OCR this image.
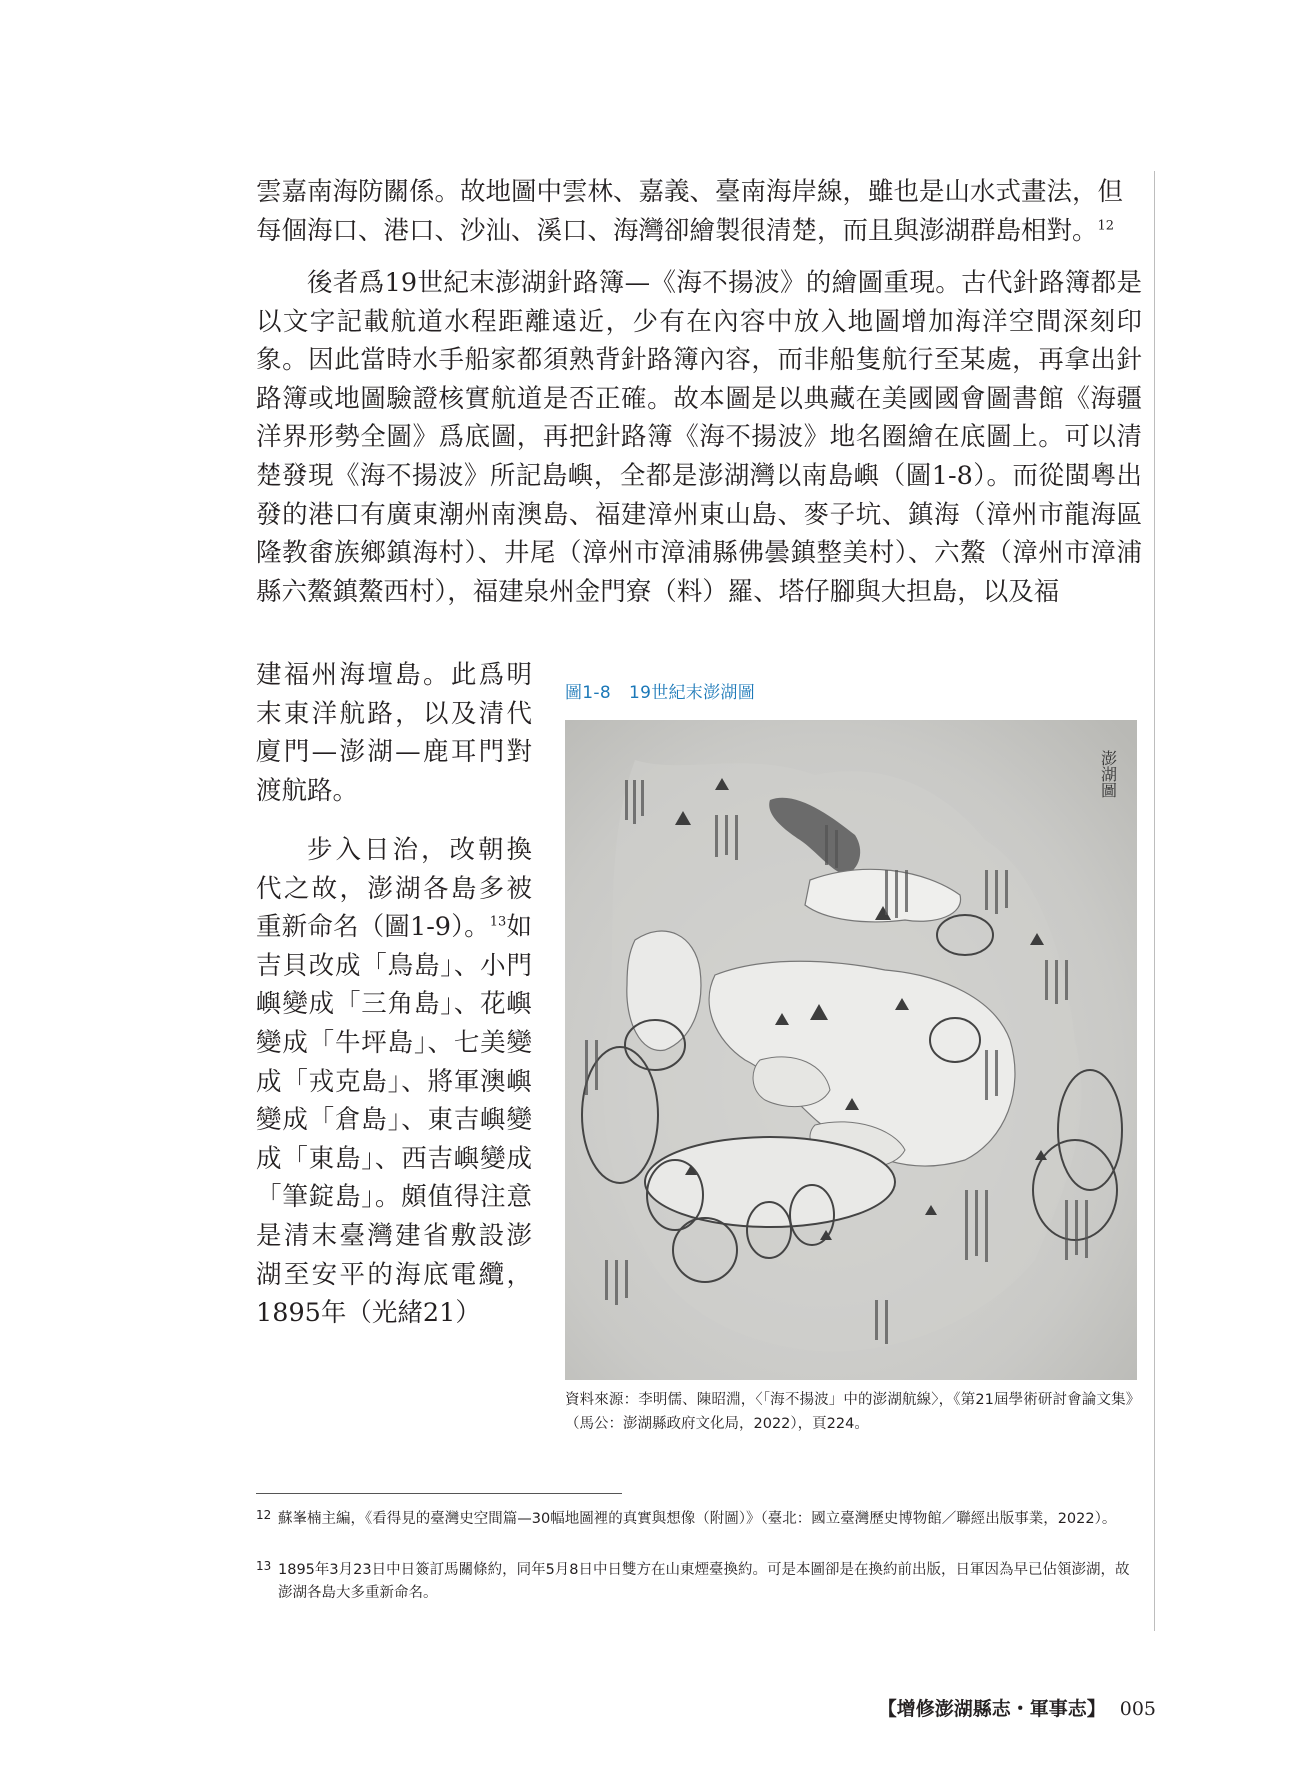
雲嘉南海防關係。故地圖中雲林、嘉義、臺南海岸線，雖也是山水式畫法，但
每個海口、港口、沙汕、溪口、海灣卻繪製很清楚，而且與澎湖群島相對。$^{12}$

後者爲19世紀末澎湖針路簿—《海不揚波》的繪圖重現。古代針路簿都是以文字記載航道水程距離遠近，少有在內容中放入地圖增加海洋空間深刻印象。因此當時水手船家都須熟背針路簿內容，而非船隻航行至某處，再拿出針路簿或地圖驗證核實航道是否正確。故本圖是以典藏在美國國會圖書館《海疆洋界形勢全圖》爲底圖，再把針路簿《海不揚波》地名圈繪在底圖上。可以清楚發現《海不揚波》所記島嶼，全都是澎湖灣以南島嶼（圖1-8）。而從閩粵出發的港口有廣東潮州南澳島、福建漳州東山島、麥子坑、鎮海（漳州市龍海區隆教畬族鄉鎮海村）、井尾（漳州市漳浦縣佛曇鎮整美村）、六鰲（漳州市漳浦縣六鰲鎮鰲西村），福建泉州金門寮（料）羅、塔仔腳與大担島，以及福

建福州海壇島。此爲明末東洋航路，以及清代廈門—澎湖—鹿耳門對渡航路。

步入日治，改朝換代之故，澎湖各島多被重新命名（圖1-9）。$^{13}$如吉貝改成「鳥島」、小門嶼變成「三角島」、花嶼變成「牛坪島」、七美變成「戎克島」、將軍澳嶼變成「倉島」、東吉嶼變成「東島」、西吉嶼變成「筆錠島」。頗值得注意是清末臺灣建省敷設澎湖至安平的海底電纜，1895年（光緒21）
圖1-8 19世紀末澎湖圖
澎湖圖
資料來源：李明儒、陳昭淵，〈「海不揚波」中的澎湖航線〉，《第21屆學術研討會論文集》（馬公：澎湖縣政府文化局，2022），頁224。
12 蘇峯楠主編，《看得見的臺灣史空間篇—30幅地圖裡的真實與想像（附圖）》（臺北：國立臺灣歷史博物館／聯經出版事業，2022）。
13 1895年3月23日中日簽訂馬關條約，同年5月8日中日雙方在山東煙臺換約。可是本圖卻是在換約前出版，日軍因為早已佔領澎湖，故澎湖各島大多重新命名。
【增修澎湖縣志・軍事志】 005
